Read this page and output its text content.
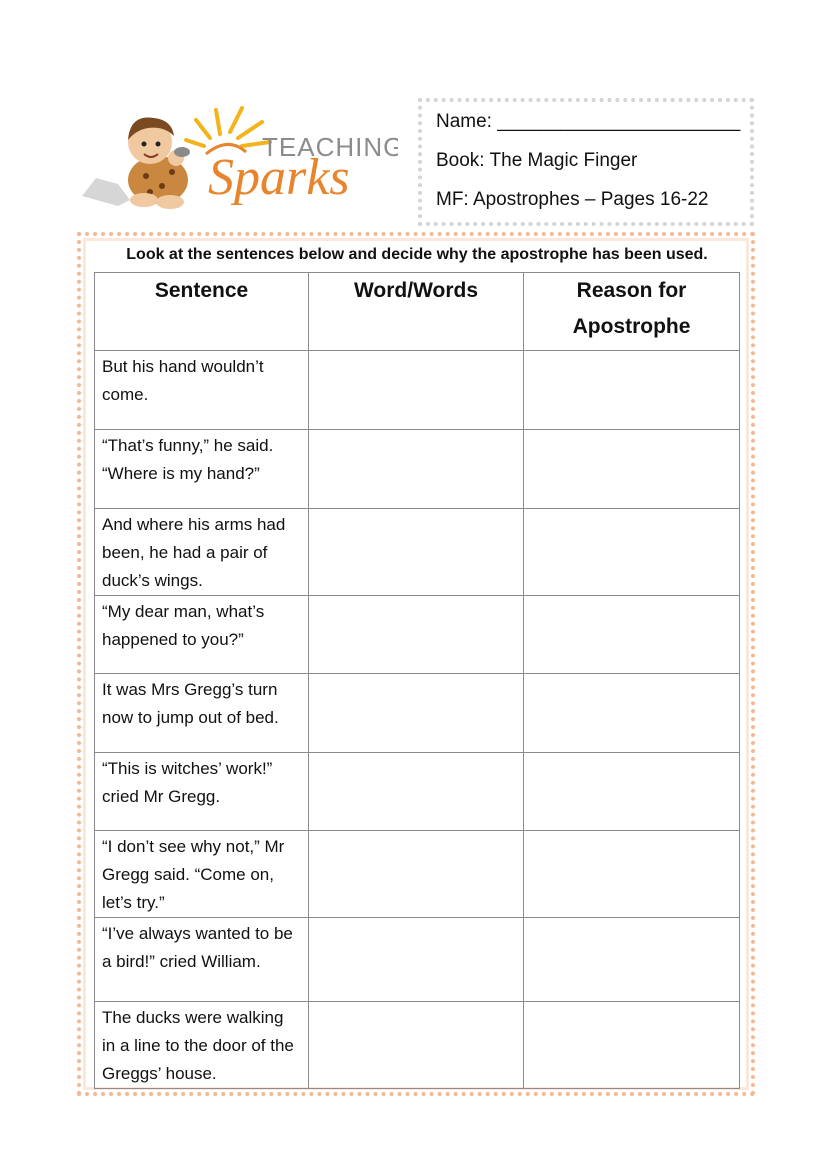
TEACHING
Sparks
Name: _______________________
Book: The Magic Finger
MF: Apostrophes – Pages 16-22
Look at the sentences below and decide why the apostrophe has been used.
Sentence	Word/Words	Reason for Apostrophe
But his hand wouldn’t come.		
“That’s funny,” he said. “Where is my hand?”		
And where his arms had been, he had a pair of duck’s wings.		
“My dear man, what’s happened to you?”		
It was Mrs Gregg’s turn now to jump out of bed.		
“This is witches’ work!” cried Mr Gregg.		
“I don’t see why not,” Mr Gregg said. “Come on, let’s try.”		
“I’ve always wanted to be a bird!” cried William.		
The ducks were walking in a line to the door of the Greggs’ house.		
